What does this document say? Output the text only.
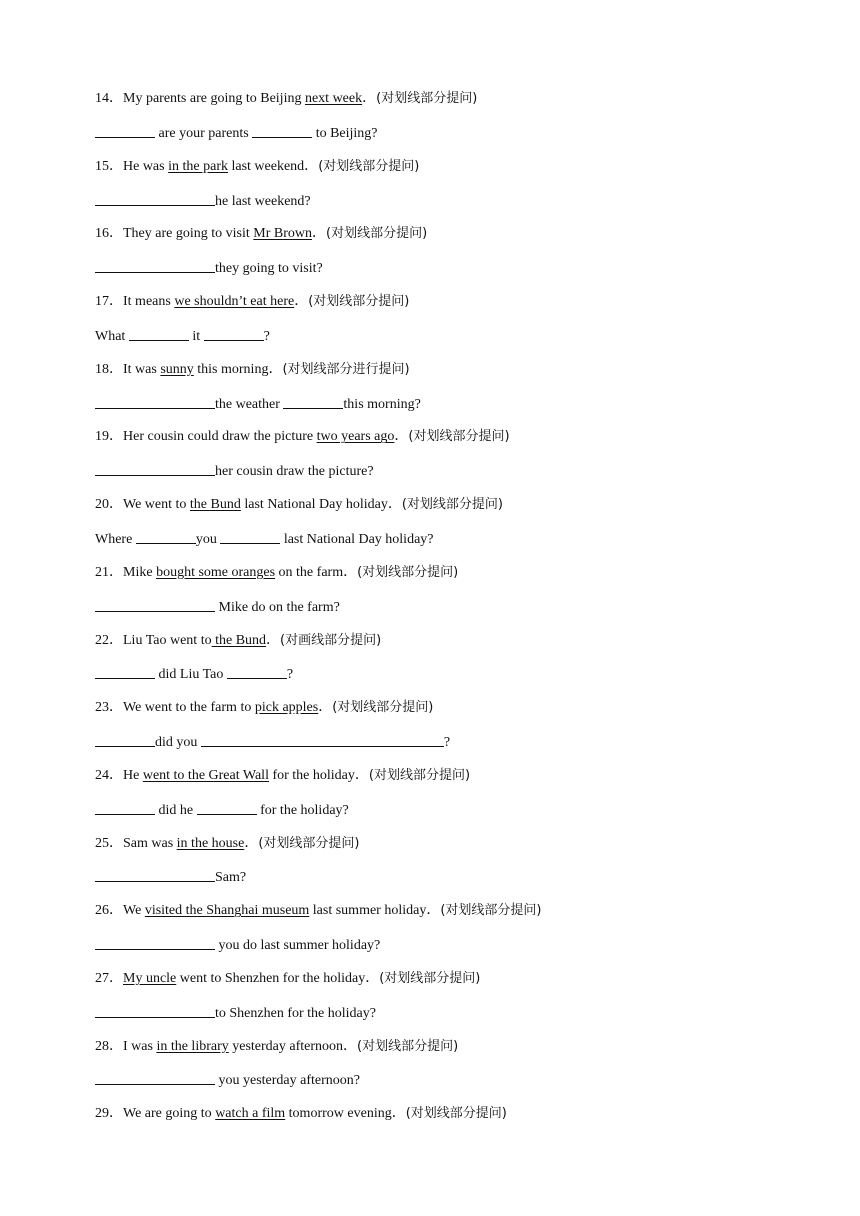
14．My parents are going to Beijing next week．(对划线部分提问)
are your parents	to Beijing?
15．He was in the park last weekend．(对划线部分提问)
he last weekend?
16．They are going to visit Mr Brown．(对划线部分提问)
they going to visit?
17．It means we shouldn’t eat here．(对划线部分提问)
What	it	?
18．It was sunny this morning．(对划线部分进行提问)
the weather	this morning?
19．Her cousin could draw the picture two years ago．(对划线部分提问)
her cousin draw the picture?
20．We went to the Bund last National Day holiday．(对划线部分提问)
Where	you	last National Day holiday?
21．Mike bought some oranges on the farm．(对划线部分提问)
Mike do on the farm?
22．Liu Tao went to the Bund．(对画线部分提问)
did Liu Tao	?
23．We went to the farm to pick apples．(对划线部分提问)
did you	?
24．He went to the Great Wall for the holiday．(对划线部分提问)
did he	for the holiday?
25．Sam was in the house．(对划线部分提问)
Sam?
26．We visited the Shanghai museum last summer holiday．(对划线部分提问)
you do last summer holiday?
27．My uncle went to Shenzhen for the holiday．(对划线部分提问)
to Shenzhen for the holiday?
28．I was in the library yesterday afternoon．(对划线部分提问)
you yesterday afternoon?
29．We are going to watch a film tomorrow evening．(对划线部分提问)
